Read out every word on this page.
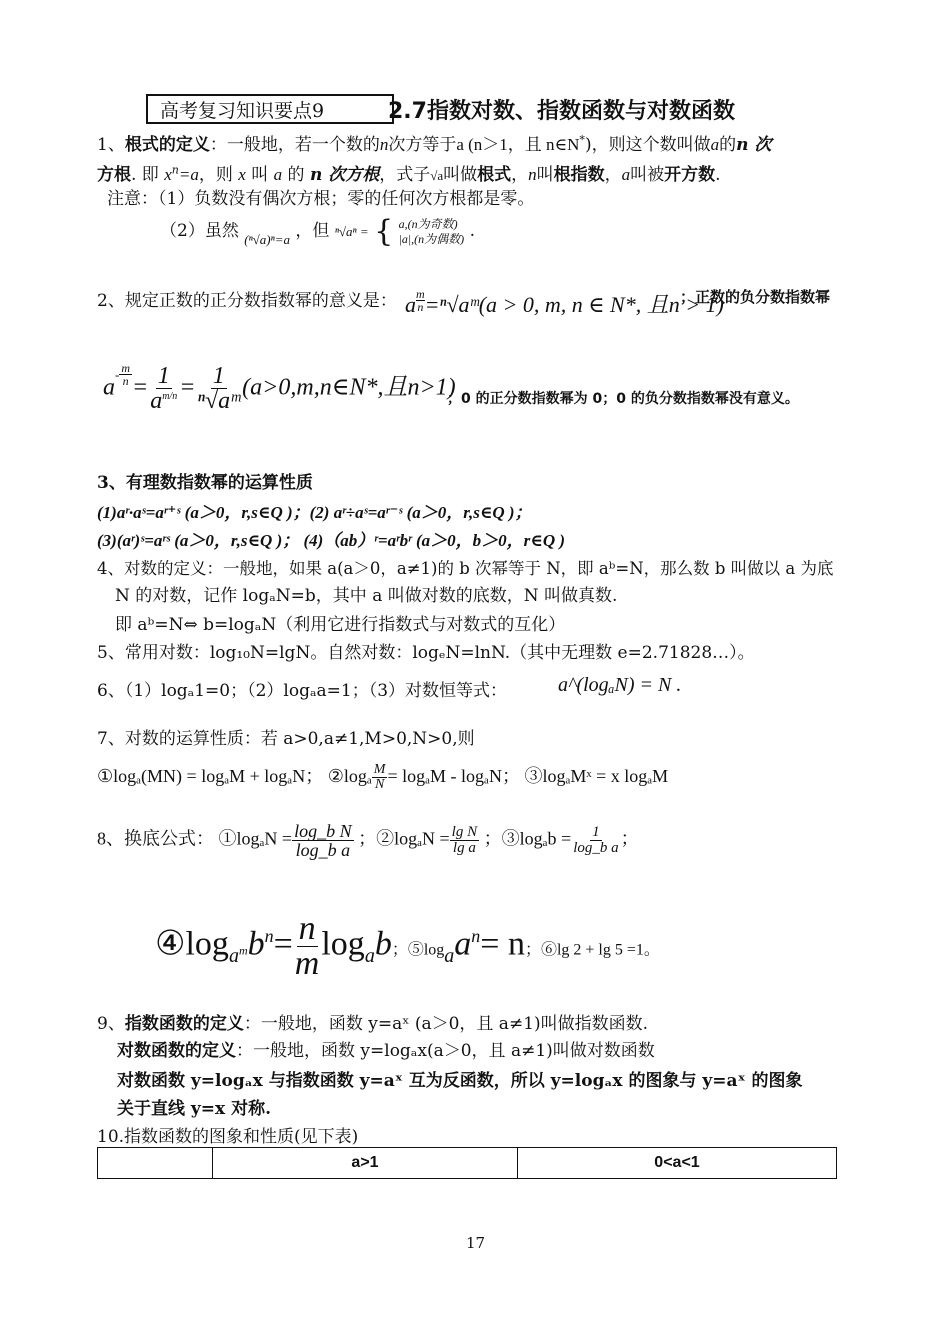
高考复习知识要点9	2.7指数对数、指数函数与对数函数
1、根式的定义：一般地，若一个数的n次方等于a (n＞1，且 n∈N*)，则这个数叫做a的n 次
方根. 即 $x^n=a$，则 x 叫 a 的 n 次方根，式子√a叫做根式，n叫根指数，a叫被开方数.
注意：（1）负数没有偶次方根；零的任何次方根都是零。
（2）虽然 $_{(^n√a)^n=a}$ ，但 ⁿ√aⁿ = { a,(n为奇数)
|a|,(n为偶数) .
2、规定正数的正分数指数幂的意义是： a $^{\frac{m}{n}}$ =ⁿ√aᵐ(a > 0, m, n ∈ N*, 且n > 1)
；正数的负分数指数幂
$a^{- \frac{m}{n}} = \frac{1}{a^{m/n}} = \frac{1}{\text{ⁿ√aᵐ}}$ (a>0,m,n∈N*,且n>1)
；0 的正分数指数幂为 0；0 的负分数指数幂没有意义。
3、有理数指数幂的运算性质
(1)aʳ·aˢ=aʳ⁺ˢ (a＞0，r,s∈Q )；(2) aʳ÷aˢ=aʳ⁻ˢ (a＞0，r,s∈Q )；
(3)(aʳ)ˢ=aʳˢ (a＞0，r,s∈Q )； (4)（ab）ʳ=aʳbʳ (a＞0，b＞0，r∈Q )
4、对数的定义：一般地，如果 a(a＞0，a≠1)的 b 次幂等于 N，即 aᵇ=N，那么数 b 叫做以 a 为底
N 的对数，记作 logₐN=b，其中 a 叫做对数的底数，N 叫做真数.
即 aᵇ=N⇔ b=logₐN（利用它进行指数式与对数式的互化）
5、常用对数：log₁₀N=lgN。自然对数：logₑN=lnN.（其中无理数 e=2.71828…）。
6、（1）logₐ1=0；（2）logₐa=1；（3）对数恒等式：	a^(logₐN) = N .
7、对数的运算性质：若 a>0,a≠1,M>0,N>0,则
①logₐ(MN) = logₐM + logₐN； ②logₐ $\frac{M}{N} = \log_aM - \log_aN$； ③logₐMˣ = x logₐM
8、换底公式： ①logₐN = $\frac{\text{log\_b N}}{\text{log\_b a}}$ ；②logₐN = $\frac{\text{lg N}}{\text{lg a}}$ ；③logₐb = $\frac{1}{\text{log\_b a}}$ ；
$④\log_{a^m}b^n= \frac{n}{m} \log_ab$；$⑤\log_aa^n= n$；⑥lg 2 + lg 5 =1。
9、指数函数的定义：一般地，函数 y=aˣ (a＞0，且 a≠1)叫做指数函数.
对数函数的定义：一般地，函数 y=logₐx(a＞0，且 a≠1)叫做对数函数
对数函数 y=logₐx 与指数函数 y=aˣ 互为反函数，所以 y=logₐx 的图象与 y=aˣ 的图象
关于直线 y=x 对称.
10.指数函数的图象和性质(见下表)
	a>1	0<a<1
17
